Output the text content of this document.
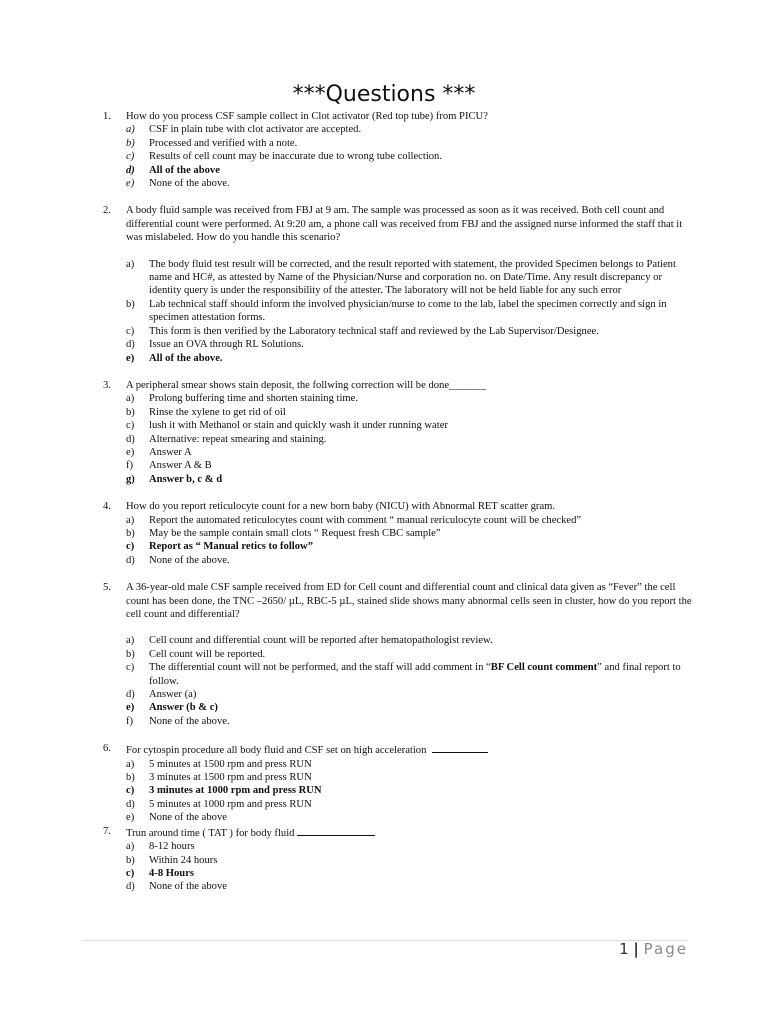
***Questions ***
1. How do you process CSF sample collect in Clot activator (Red top tube) from PICU?
a) CSF in plain tube with clot activator are accepted.
b) Processed and verified with a note.
c) Results of cell count may be inaccurate due to wrong tube collection.
d) All of the above
e) None of the above.
2. A body fluid sample was received from FBJ at 9 am. The sample was processed as soon as it was received. Both cell count and differential count were performed. At 9:20 am, a phone call was received from FBJ and the assigned nurse informed the staff that it was mislabeled. How do you handle this scenario?
a) The body fluid test result will be corrected, and the result reported with statement, the provided Specimen belongs to Patient name and HC#, as attested by Name of the Physician/Nurse and corporation no. on Date/Time. Any result discrepancy or identity query is under the responsibility of the attester. The laboratory will not be held liable for any such error
b) Lab technical staff should inform the involved physician/nurse to come to the lab, label the specimen correctly and sign in specimen attestation forms.
c) This form is then verified by the Laboratory technical staff and reviewed by the Lab Supervisor/Designee.
d) Issue an OVA through RL Solutions.
e) All of the above.
3. A peripheral smear shows stain deposit, the follwing correction will be done_______
a) Prolong buffering time and shorten staining time.
b) Rinse the xylene to get rid of oil
c) lush it with Methanol or stain and quickly wash it under running water
d) Alternative: repeat smearing and staining.
e) Answer A
f) Answer A & B
g) Answer b, c & d
4. How do you report reticulocyte count for a new born baby (NICU) with Abnormal RET scatter gram.
a) Report the automated reticulocytes count with comment “ manual rericulocyte count will be checked”
b) May be the sample contain small clots “ Request fresh CBC sample”
c) Report as “ Manual retics to follow”
d) None of the above.
5. A 36-year-old male CSF sample received from ED for Cell count and differential count and clinical data given as “Fever” the cell count has been done, the TNC –2650/ µL, RBC-5 µL, stained slide shows many abnormal cells seen in cluster, how do you report the cell count and differential?
a) Cell count and differential count will be reported after hematopathologist review.
b) Cell count will be reported.
c) The differential count will not be performed, and the staff will add comment in “BF Cell count comment” and final report to follow.
d) Answer (a)
e) Answer (b & c)
f) None of the above.
6. For cytospin procedure all body fluid and CSF set on high acceleration
a) 5 minutes at 1500 rpm and press RUN
b) 3 minutes at 1500 rpm and press RUN
c) 3 minutes at 1000 rpm and press RUN
d) 5 minutes at 1000 rpm and press RUN
e) None of the above
7. Trun around time ( TAT ) for body fluid
a) 8-12 hours
b) Within 24 hours
c) 4-8 Hours
d) None of the above
1 | Page
